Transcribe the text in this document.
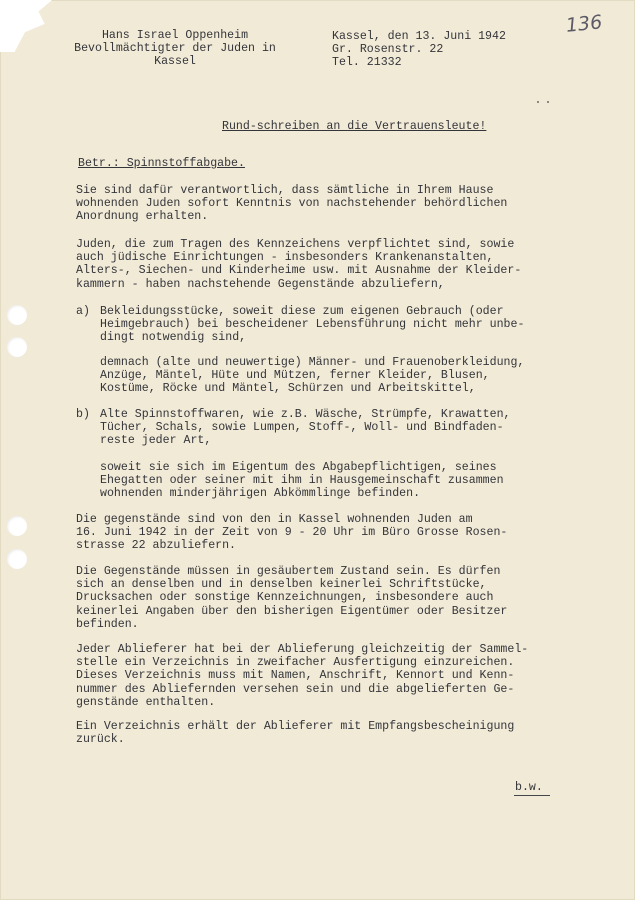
136
Hans Israel Oppenheim
Bevollmächtigter der Juden in
Kassel
Kassel, den 13. Juni 1942
Gr. Rosenstr. 22
Tel. 21332
Rund-schreiben an die Vertrauensleute!
Betr.: Spinnstoffabgabe.
Sie sind dafür verantwortlich, dass sämtliche in Ihrem Hause
wohnenden Juden sofort Kenntnis von nachstehender behördlichen
Anordnung erhalten.
Juden, die zum Tragen des Kennzeichens verpflichtet sind, sowie
auch jüdische Einrichtungen - insbesonders Krankenanstalten,
Alters-, Siechen- und Kinderheime usw. mit Ausnahme der Kleider-
kammern - haben nachstehende Gegenstände abzuliefern,
a) Bekleidungsstücke, soweit diese zum eigenen Gebrauch (oder
Heimgebrauch) bei bescheidener Lebensführung nicht mehr unbe-
dingt notwendig sind,
demnach (alte und neuwertige) Männer- und Frauenoberkleidung,
Anzüge, Mäntel, Hüte und Mützen, ferner Kleider, Blusen,
Kostüme, Röcke und Mäntel, Schürzen und Arbeitskittel,
b) Alte Spinnstoffwaren, wie z.B. Wäsche, Strümpfe, Krawatten,
Tücher, Schals, sowie Lumpen, Stoff-, Woll- und Bindfaden-
reste jeder Art,
soweit sie sich im Eigentum des Abgabepflichtigen, seines
Ehegatten oder seiner mit ihm in Hausgemeinschaft zusammen
wohnenden minderjährigen Abkömmlinge befinden.
Die gegenstände sind von den in Kassel wohnenden Juden am
16. Juni 1942 in der Zeit von 9 - 20 Uhr im Büro Grosse Rosen-
strasse 22 abzuliefern.
Die Gegenstände müssen in gesäubertem Zustand sein. Es dürfen
sich an denselben und in denselben keinerlei Schriftstücke,
Drucksachen oder sonstige Kennzeichnungen, insbesondere auch
keinerlei Angaben über den bisherigen Eigentümer oder Besitzer
befinden.
Jeder Ablieferer hat bei der Ablieferung gleichzeitig der Sammel-
stelle ein Verzeichnis in zweifacher Ausfertigung einzureichen.
Dieses Verzeichnis muss mit Namen, Anschrift, Kennort und Kenn-
nummer des Abliefernden versehen sein und die abgelieferten Ge-
genstände enthalten.
Ein Verzeichnis erhält der Ablieferer mit Empfangsbescheinigung
zurück.
b.w.
